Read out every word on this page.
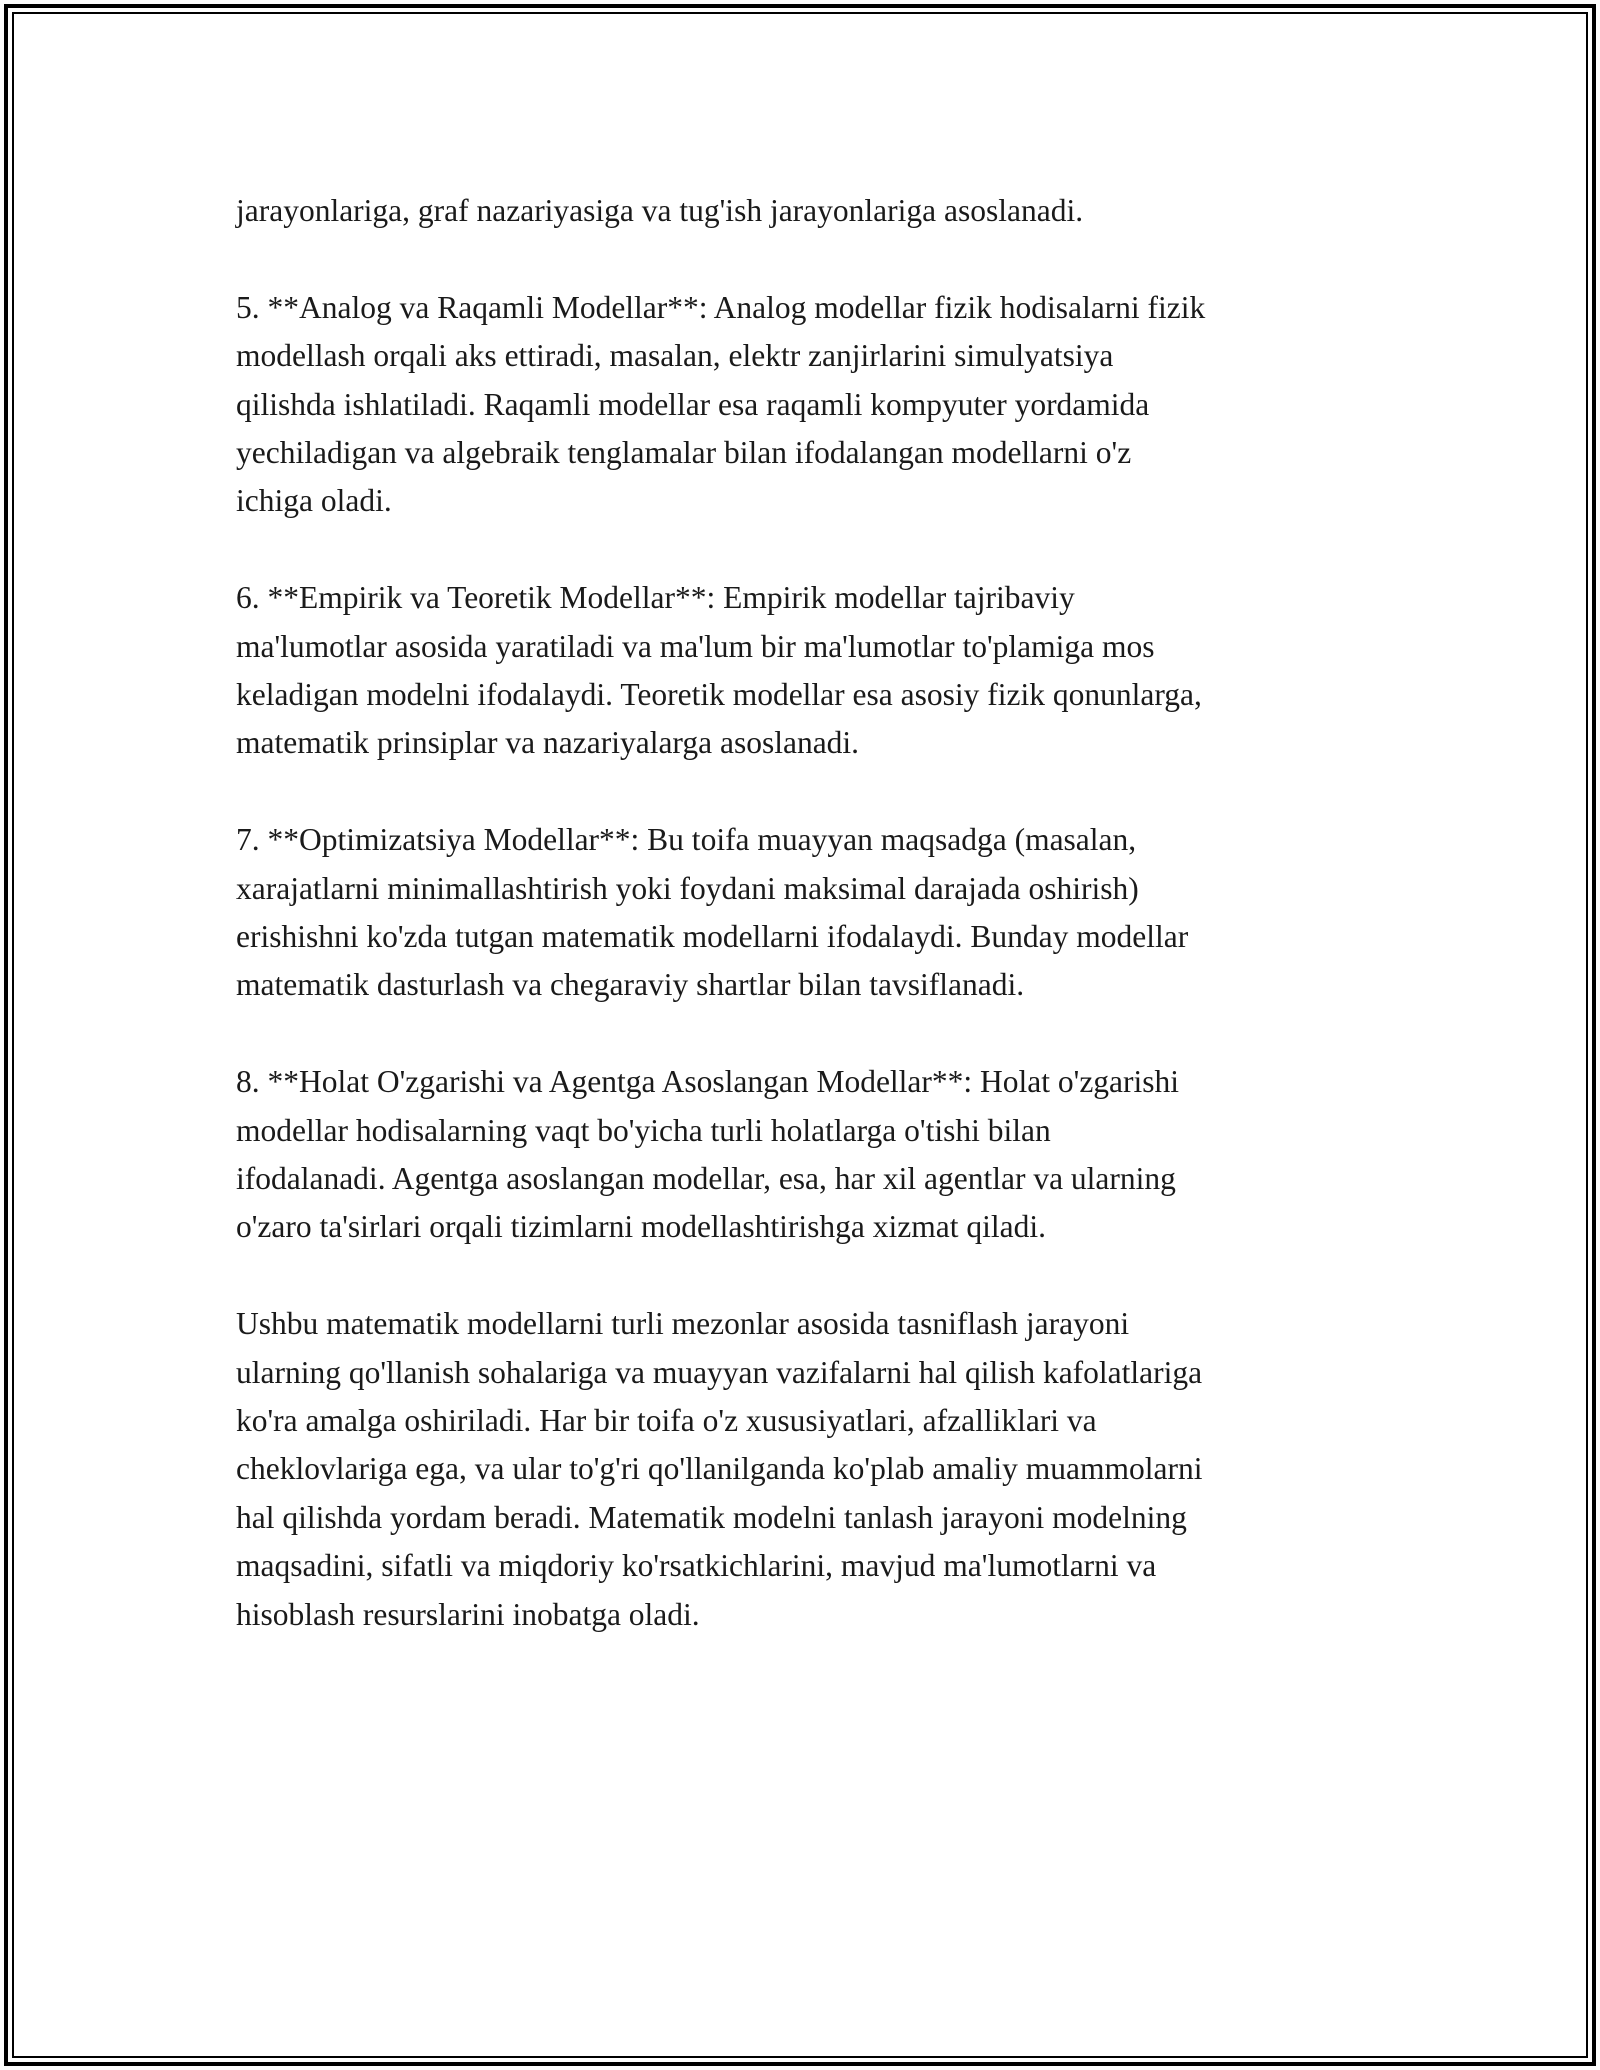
jarayonlariga, graf nazariyasiga va tug'ish jarayonlariga asoslanadi.

5. **Analog va Raqamli Modellar**: Analog modellar fizik hodisalarni fizik
modellash orqali aks ettiradi, masalan, elektr zanjirlarini simulyatsiya
qilishda ishlatiladi. Raqamli modellar esa raqamli kompyuter yordamida
yechiladigan va algebraik tenglamalar bilan ifodalangan modellarni o'z
ichiga oladi.

6. **Empirik va Teoretik Modellar**: Empirik modellar tajribaviy
ma'lumotlar asosida yaratiladi va ma'lum bir ma'lumotlar to'plamiga mos
keladigan modelni ifodalaydi. Teoretik modellar esa asosiy fizik qonunlarga,
matematik prinsiplar va nazariyalarga asoslanadi.

7. **Optimizatsiya Modellar**: Bu toifa muayyan maqsadga (masalan,
xarajatlarni minimallashtirish yoki foydani maksimal darajada oshirish)
erishishni ko'zda tutgan matematik modellarni ifodalaydi. Bunday modellar
matematik dasturlash va chegaraviy shartlar bilan tavsiflanadi.

8. **Holat O'zgarishi va Agentga Asoslangan Modellar**: Holat o'zgarishi
modellar hodisalarning vaqt bo'yicha turli holatlarga o'tishi bilan
ifodalanadi. Agentga asoslangan modellar, esa, har xil agentlar va ularning
o'zaro ta'sirlari orqali tizimlarni modellashtirishga xizmat qiladi.

Ushbu matematik modellarni turli mezonlar asosida tasniflash jarayoni
ularning qo'llanish sohalariga va muayyan vazifalarni hal qilish kafolatlariga
ko'ra amalga oshiriladi. Har bir toifa o'z xususiyatlari, afzalliklari va
cheklovlariga ega, va ular to'g'ri qo'llanilganda ko'plab amaliy muammolarni
hal qilishda yordam beradi. Matematik modelni tanlash jarayoni modelning
maqsadini, sifatli va miqdoriy ko'rsatkichlarini, mavjud ma'lumotlarni va
hisoblash resurslarini inobatga oladi.
